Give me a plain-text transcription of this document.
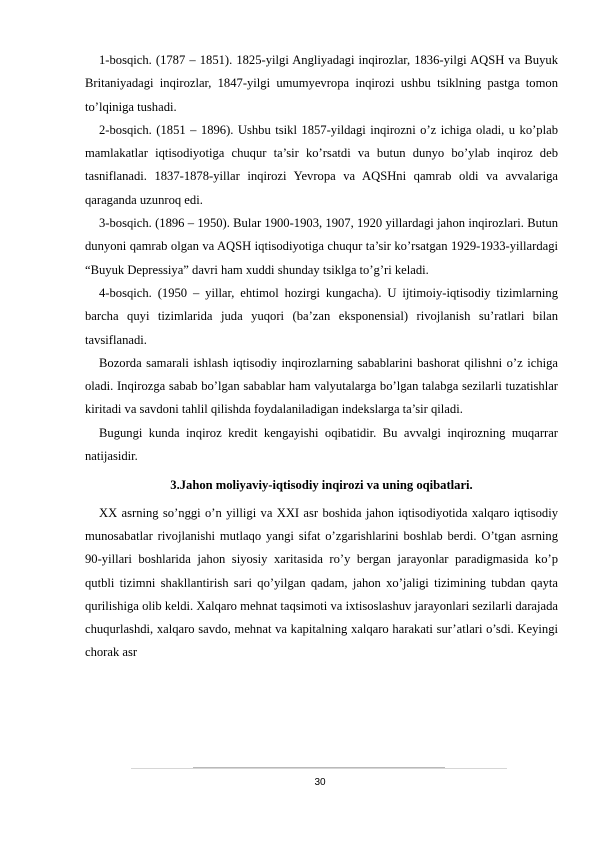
1-bosqich. (1787 – 1851). 1825-yilgi Angliyadagi inqirozlar, 1836-yilgi AQSH va Buyuk Britaniyadagi inqirozlar, 1847-yilgi umumyevropa inqirozi ushbu tsiklning pastga tomon to’lqiniga tushadi.

2-bosqich. (1851 – 1896). Ushbu tsikl 1857-yildagi inqirozni o’z ichiga oladi, u ko’plab mamlakatlar iqtisodiyotiga chuqur ta’sir ko’rsatdi va butun dunyo bo’ylab inqiroz deb tasniflanadi. 1837-1878-yillar inqirozi Yevropa va AQSHni qamrab oldi va avvalariga qaraganda uzunroq edi.

3-bosqich. (1896 – 1950). Bular 1900-1903, 1907, 1920 yillardagi jahon inqirozlari. Butun dunyoni qamrab olgan va AQSH iqtisodiyotiga chuqur ta’sir ko’rsatgan 1929-1933-yillardagi “Buyuk Depressiya” davri ham xuddi shunday tsiklga to’g’ri keladi.

4-bosqich. (1950 – yillar, ehtimol hozirgi kungacha). U ijtimoiy-iqtisodiy tizimlarning barcha quyi tizimlarida juda yuqori (ba’zan eksponensial) rivojlanish su’ratlari bilan tavsiflanadi.

Bozorda samarali ishlash iqtisodiy inqirozlarning sabablarini bashorat qilishni o’z ichiga oladi. Inqirozga sabab bo’lgan sabablar ham valyutalarga bo’lgan talabga sezilarli tuzatishlar kiritadi va savdoni tahlil qilishda foydalaniladigan indekslarga ta’sir qiladi.

Bugungi kunda inqiroz kredit kengayishi oqibatidir. Bu avvalgi inqirozning muqarrar natijasidir.

3.Jahon moliyaviy-iqtisodiy inqirozi va uning oqibatlari.

XX asrning so’nggi o’n yilligi va XXI asr boshida jahon iqtisodiyotida xalqaro iqtisodiy munosabatlar rivojlanishi mutlaqo yangi sifat o’zgarishlarini boshlab berdi. O’tgan asrning 90-yillari boshlarida jahon siyosiy xaritasida ro’y bergan jarayonlar paradigmasida ko’p qutbli tizimni shakllantirish sari qo’yilgan qadam, jahon xo’jaligi tizimining tubdan qayta qurilishiga olib keldi. Xalqaro mehnat taqsimoti va ixtisoslashuv jarayonlari sezilarli darajada chuqurlashdi, xalqaro savdo, mehnat va kapitalning xalqaro harakati sur’atlari o’sdi. Keyingi chorak asr

30
